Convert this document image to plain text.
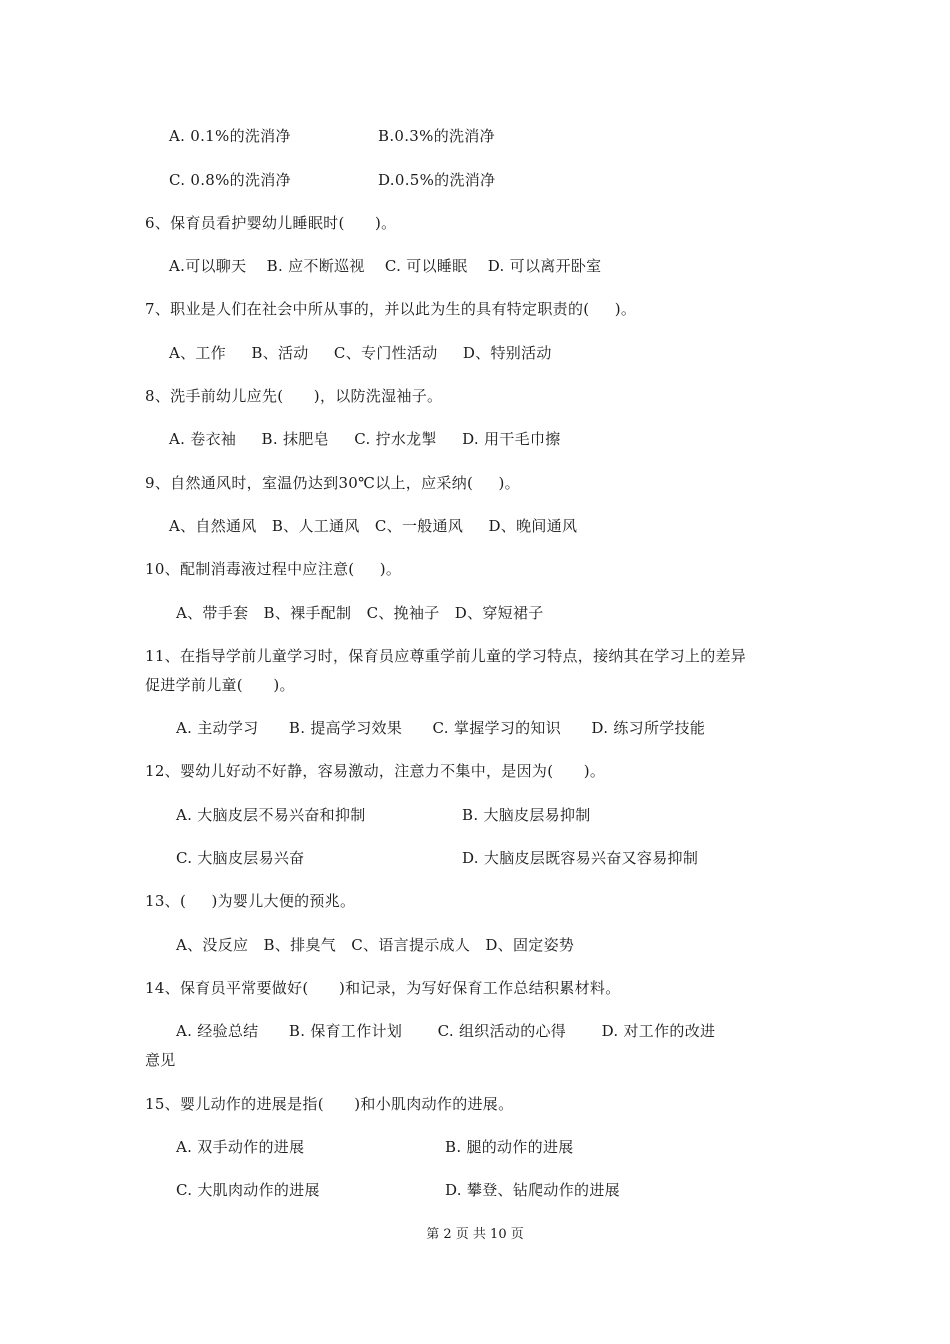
A. 0.1%的洗消净	B.0.3%的洗消净
C. 0.8%的洗消净	D.0.5%的洗消净
6、保育员看护婴幼儿睡眠时(      )。
A.可以聊天    B. 应不断巡视    C. 可以睡眠    D. 可以离开卧室
7、职业是人们在社会中所从事的，并以此为生的具有特定职责的(     )。
A、工作     B、活动     C、专门性活动     D、特别活动
8、洗手前幼儿应先(      )，以防洗湿袖子。
A. 卷衣袖     B. 抹肥皂     C. 拧水龙掣     D. 用干毛巾擦
9、自然通风时，室温仍达到30℃以上，应采纳(     )。
A、自然通风   B、人工通风   C、一般通风     D、晚间通风
10、配制消毒液过程中应注意(     )。
A、带手套   B、裸手配制   C、挽袖子   D、穿短裙子
11、在指导学前儿童学习时，保育员应尊重学前儿童的学习特点，接纳其在学习上的差异
促进学前儿童(      )。
A. 主动学习      B. 提高学习效果      C. 掌握学习的知识      D. 练习所学技能
12、婴幼儿好动不好静，容易激动，注意力不集中，是因为(      )。
A. 大脑皮层不易兴奋和抑制	B. 大脑皮层易抑制
C. 大脑皮层易兴奋	D. 大脑皮层既容易兴奋又容易抑制
13、(     )为婴儿大便的预兆。
A、没反应   B、排臭气   C、语言提示成人   D、固定姿势
14、保育员平常要做好(      )和记录，为写好保育工作总结积累材料。
A. 经验总结      B. 保育工作计划       C. 组织活动的心得       D. 对工作的改进
意见
15、婴儿动作的进展是指(      )和小肌肉动作的进展。
A. 双手动作的进展	B. 腿的动作的进展
C. 大肌肉动作的进展	D. 攀登、钻爬动作的进展
第 2 页 共 10 页
